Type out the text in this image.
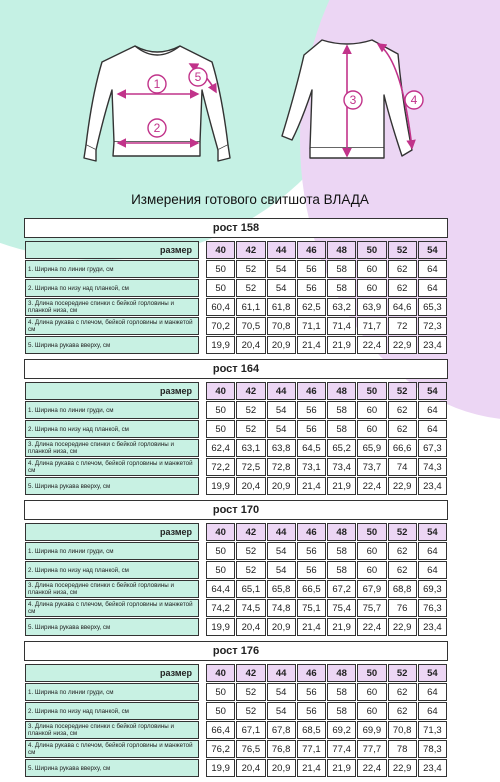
1
2
5
3	4
Измерения готового свитшота ВЛАДА
рост 158
размер		40	42	44	46	48	50	52	54
1. Ширина по линии груди, см		50	52	54	56	58	60	62	64
2. Ширина по низу над планкой, см		50	52	54	56	58	60	62	64
3. Длина посередине спинки с бейкой горловины и планкой низа, см		60,4	61,1	61,8	62,5	63,2	63,9	64,6	65,3
4. Длина рукава с плечом, бейкой горловины и манжетой см		70,2	70,5	70,8	71,1	71,4	71,7	72	72,3
5. Ширина рукава вверху, см		19,9	20,4	20,9	21,4	21,9	22,4	22,9	23,4
рост 164
размер		40	42	44	46	48	50	52	54
1. Ширина по линии груди, см		50	52	54	56	58	60	62	64
2. Ширина по низу над планкой, см		50	52	54	56	58	60	62	64
3. Длина посередине спинки с бейкой горловины и планкой низа, см		62,4	63,1	63,8	64,5	65,2	65,9	66,6	67,3
4. Длина рукава с плечом, бейкой горловины и манжетой см		72,2	72,5	72,8	73,1	73,4	73,7	74	74,3
5. Ширина рукава вверху, см		19,9	20,4	20,9	21,4	21,9	22,4	22,9	23,4
рост 170
размер		40	42	44	46	48	50	52	54
1. Ширина по линии груди, см		50	52	54	56	58	60	62	64
2. Ширина по низу над планкой, см		50	52	54	56	58	60	62	64
3. Длина посередине спинки с бейкой горловины и планкой низа, см		64,4	65,1	65,8	66,5	67,2	67,9	68,8	69,3
4. Длина рукава с плечом, бейкой горловины и манжетой см		74,2	74,5	74,8	75,1	75,4	75,7	76	76,3
5. Ширина рукава вверху, см		19,9	20,4	20,9	21,4	21,9	22,4	22,9	23,4
рост 176
размер		40	42	44	46	48	50	52	54
1. Ширина по линии груди, см		50	52	54	56	58	60	62	64
2. Ширина по низу над планкой, см		50	52	54	56	58	60	62	64
3. Длина посередине спинки с бейкой горловины и планкой низа, см		66,4	67,1	67,8	68,5	69,2	69,9	70,8	71,3
4. Длина рукава с плечом, бейкой горловины и манжетой см		76,2	76,5	76,8	77,1	77,4	77,7	78	78,3
5. Ширина рукава вверху, см		19,9	20,4	20,9	21,4	21,9	22,4	22,9	23,4
